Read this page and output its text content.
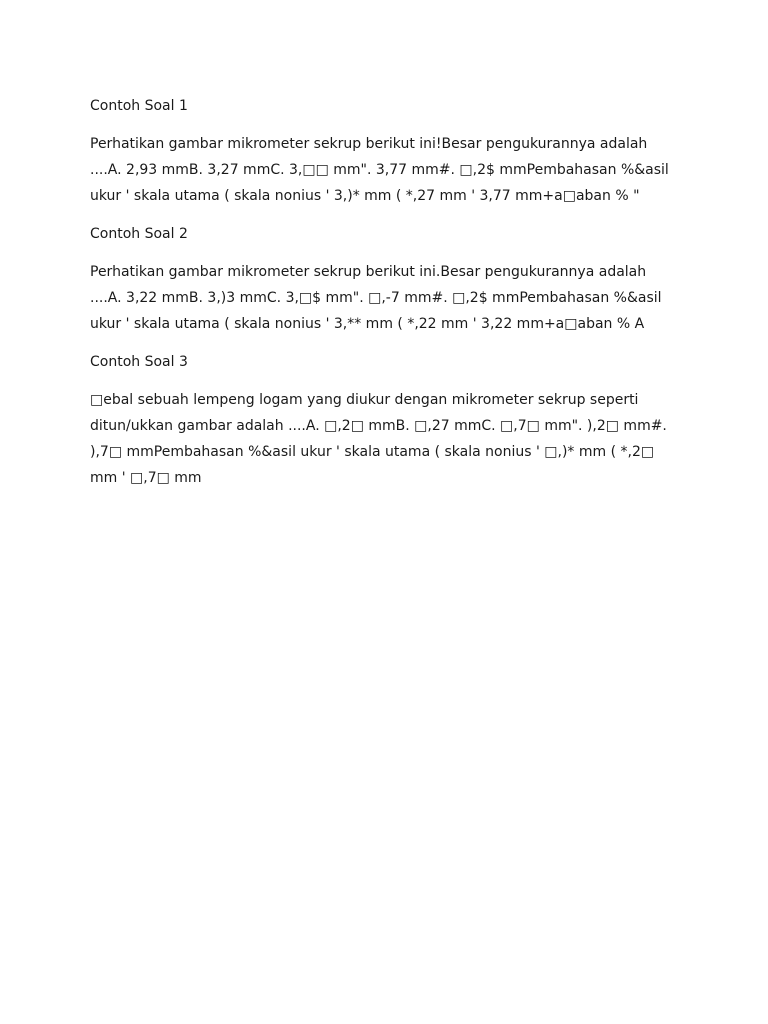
Contoh Soal 1

Perhatikan gambar mikrometer sekrup berikut ini!Besar pengukurannya adalah ....A. 2,93 mmB. 3,27 mmC. 3,□□ mm". 3,77 mm#. □,2$ mmPembahasan %&asil ukur ' skala utama ( skala nonius ' 3,)* mm ( *,27 mm ' 3,77 mm+a□aban % "

Contoh Soal 2

Perhatikan gambar mikrometer sekrup berikut ini.Besar pengukurannya adalah ....A. 3,22 mmB. 3,)3 mmC. 3,□$ mm". □,-7 mm#. □,2$ mmPembahasan %&asil ukur ' skala utama ( skala nonius ' 3,** mm ( *,22 mm ' 3,22 mm+a□aban % A

Contoh Soal 3

□ebal sebuah lempeng logam yang diukur dengan mikrometer sekrup seperti ditun/ukkan gambar adalah ....A. □,2□ mmB. □,27 mmC. □,7□ mm". ),2□ mm#. ),7□ mmPembahasan %&asil ukur ' skala utama ( skala nonius ' □,)* mm ( *,2□ mm ' □,7□ mm
